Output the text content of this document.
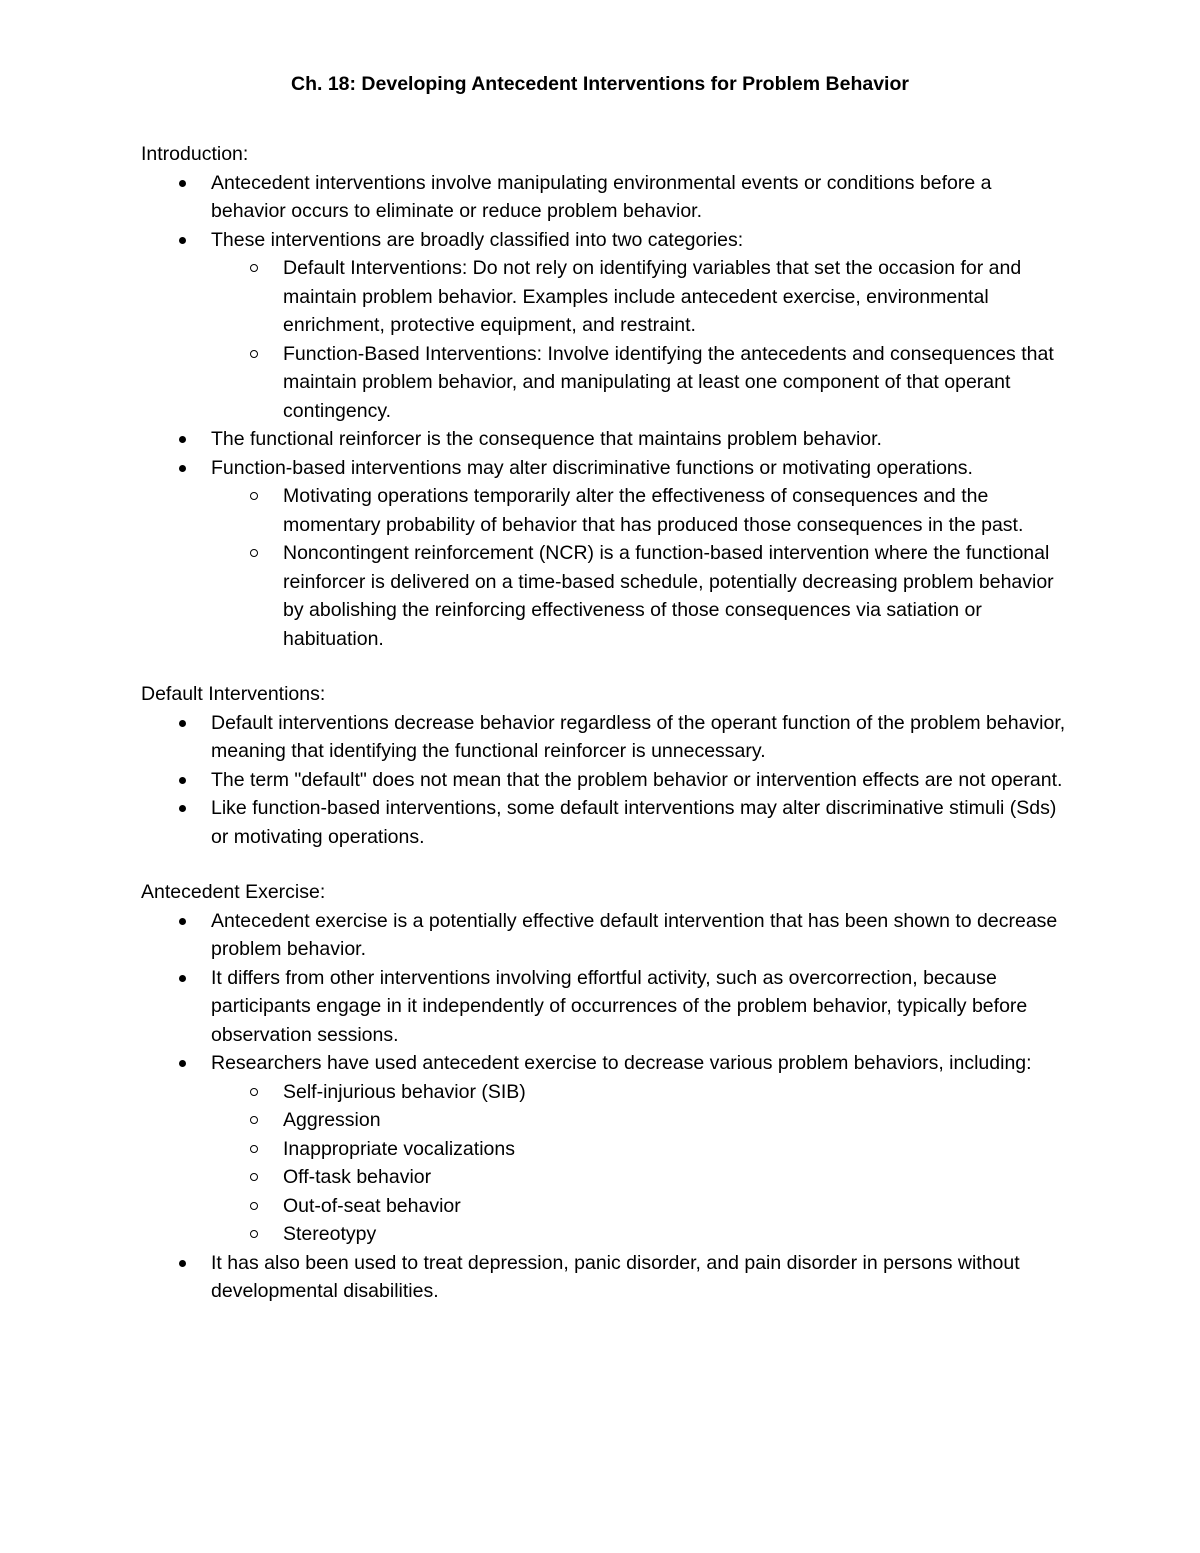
Ch. 18: Developing Antecedent Interventions for Problem Behavior

Introduction:

Antecedent interventions involve manipulating environmental events or conditions before a behavior occurs to eliminate or reduce problem behavior.
These interventions are broadly classified into two categories:
Default Interventions: Do not rely on identifying variables that set the occasion for and maintain problem behavior. Examples include antecedent exercise, environmental enrichment, protective equipment, and restraint.
Function-Based Interventions: Involve identifying the antecedents and consequences that maintain problem behavior, and manipulating at least one component of that operant contingency.
The functional reinforcer is the consequence that maintains problem behavior.
Function-based interventions may alter discriminative functions or motivating operations.
Motivating operations temporarily alter the effectiveness of consequences and the momentary probability of behavior that has produced those consequences in the past.
Noncontingent reinforcement (NCR) is a function-based intervention where the functional reinforcer is delivered on a time-based schedule, potentially decreasing problem behavior by abolishing the reinforcing effectiveness of those consequences via satiation or habituation.

Default Interventions:

Default interventions decrease behavior regardless of the operant function of the problem behavior, meaning that identifying the functional reinforcer is unnecessary.
The term "default" does not mean that the problem behavior or intervention effects are not operant.
Like function-based interventions, some default interventions may alter discriminative stimuli (Sds) or motivating operations.

Antecedent Exercise:

Antecedent exercise is a potentially effective default intervention that has been shown to decrease problem behavior.
It differs from other interventions involving effortful activity, such as overcorrection, because participants engage in it independently of occurrences of the problem behavior, typically before observation sessions.
Researchers have used antecedent exercise to decrease various problem behaviors, including:
Self-injurious behavior (SIB)
Aggression
Inappropriate vocalizations
Off-task behavior
Out-of-seat behavior
Stereotypy
It has also been used to treat depression, panic disorder, and pain disorder in persons without developmental disabilities.
